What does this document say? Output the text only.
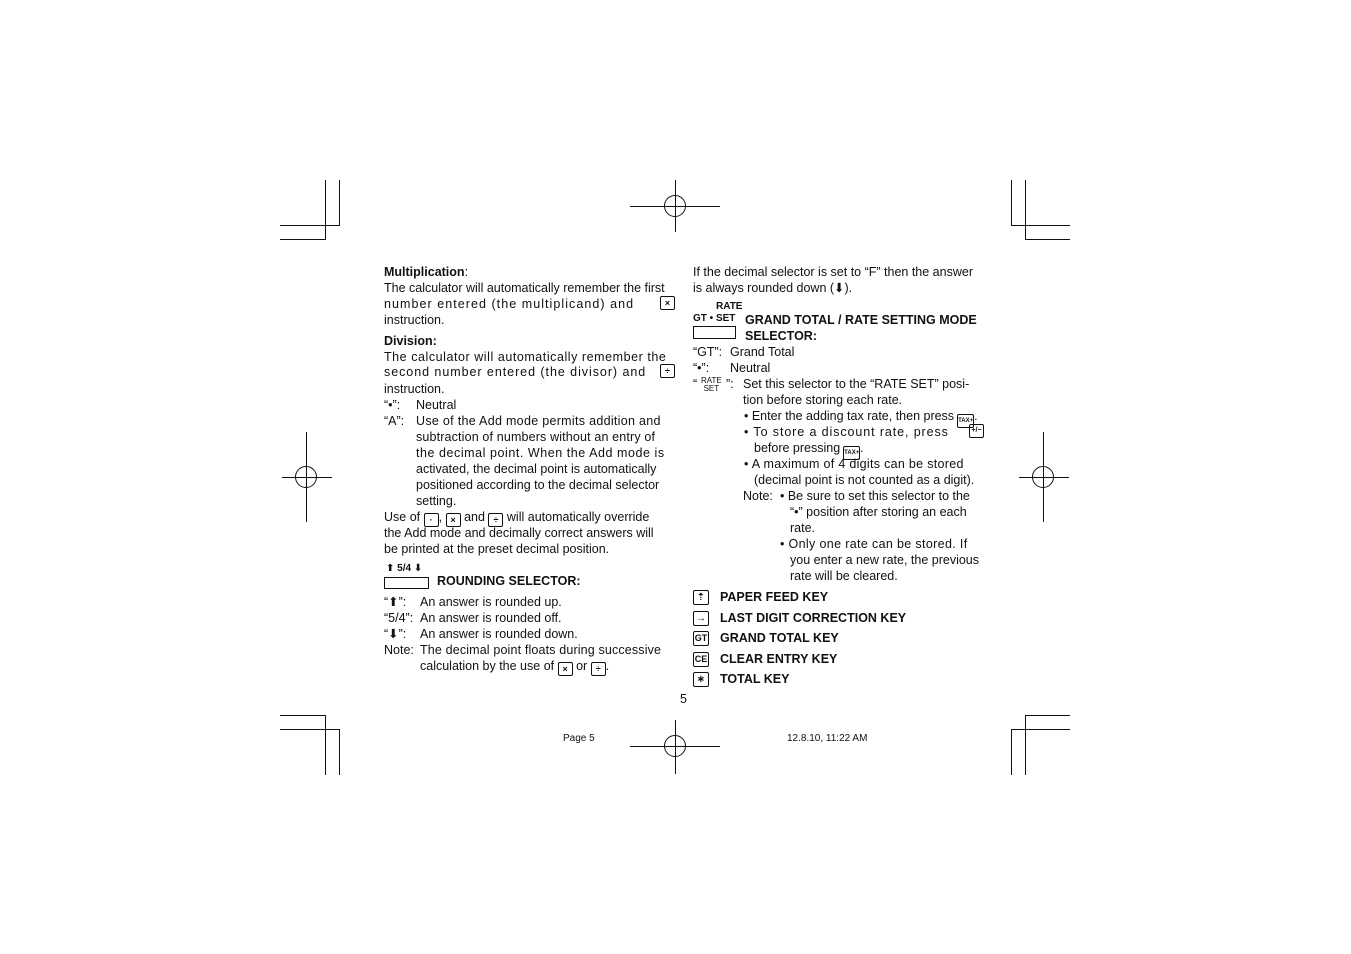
Multiplication:
The calculator will automatically remember the first
number entered (the multiplicand) and	×
instruction.
Division:
The calculator will automatically remember the
second number entered (the divisor) and	÷
instruction.
“•”: Neutral
“A”: Use of the Add mode permits addition and
subtraction of numbers without an entry of
the decimal point. When the Add mode is
activated, the decimal point is automatically
positioned according to the decimal selector
setting.
Use of · , × and ÷ will automatically override
the Add mode and decimally correct answers will
be printed at the preset decimal position.
⬆ 5/4 ⬇
ROUNDING SELECTOR:
“⬆”: An answer is rounded up.
“5/4”: An answer is rounded off.
“⬇”: An answer is rounded down.
Note: The decimal point floats during successive
calculation by the use of × or ÷ .
If the decimal selector is set to “F” then the answer
is always rounded down (⬇).
RATE
GT • SET GRAND TOTAL / RATE SETTING MODE
SELECTOR:
“GT”: Grand Total
“•”: Neutral
“ RATE
SET ”: Set this selector to the “RATE SET” posi-
tion before storing each rate.
• Enter the adding tax rate, then press TAX+.
• To store a discount rate, press	+/−
before pressing TAX+.
• A maximum of 4 digits can be stored
(decimal point is not counted as a digit).
Note: • Be sure to set this selector to the
“•” position after storing an each
rate.
• Only one rate can be stored. If
you enter a new rate, the previous
rate will be cleared.
⇡	PAPER FEED KEY
→ LAST DIGIT CORRECTION KEY
GT GRAND TOTAL KEY
CE CLEAR ENTRY KEY
∗	TOTAL KEY
5
Page 5	12.8.10, 11:22 AM
